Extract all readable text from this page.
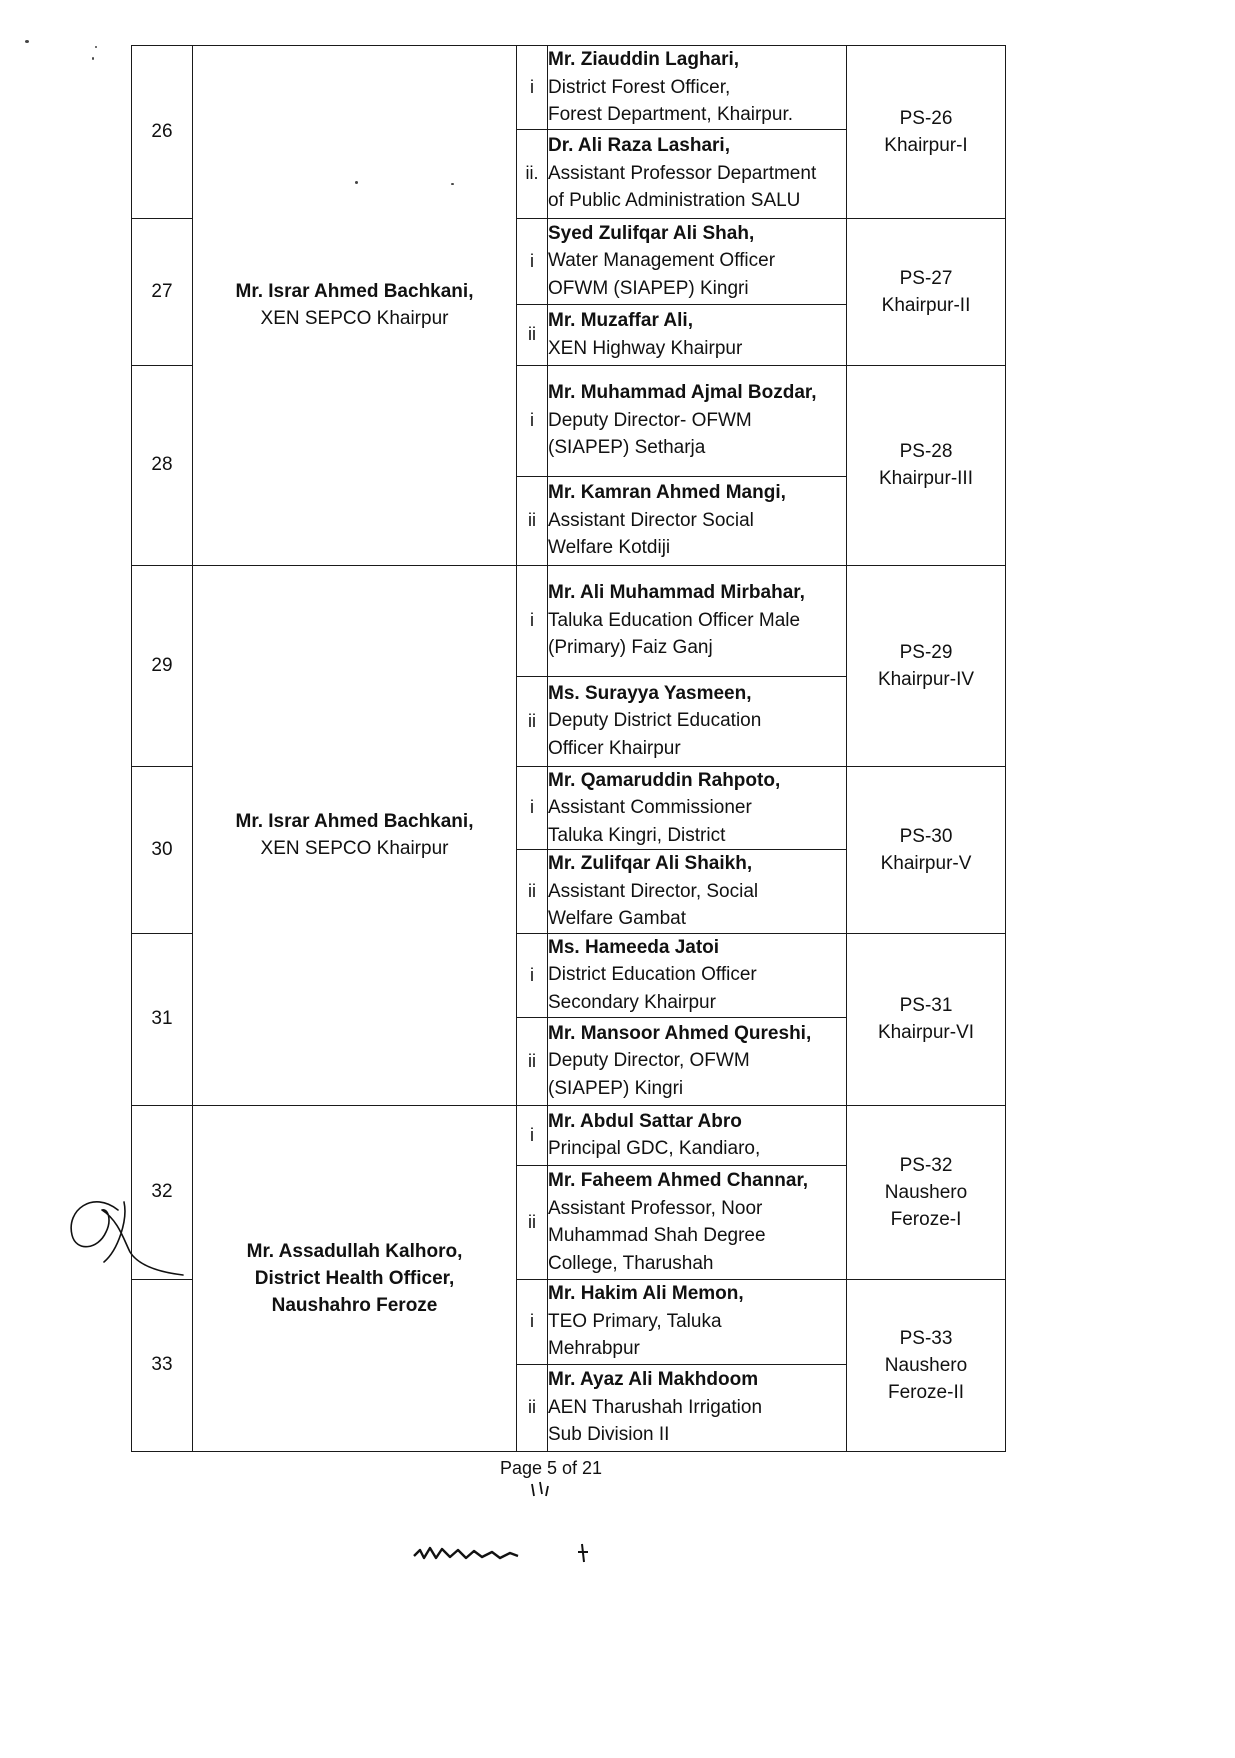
26	Mr. Israr Ahmed Bachkani,
XEN SEPCO Khairpur	i	Mr. Ziauddin Laghari,
District Forest Officer,
Forest Department, Khairpur.	PS-26
Khairpur-I

		ii.	Dr. Ali Raza Lashari,
Assistant Professor Department
of Public Administration SALU	

27		i	Syed Zulifqar Ali Shah,
Water Management Officer
OFWM (SIAPEP) Kingri	PS-27
Khairpur-II

		ii	Mr. Muzaffar Ali,
XEN Highway Khairpur	

28		i	Mr. Muhammad Ajmal Bozdar,
Deputy Director- OFWM
(SIAPEP) Setharja	PS-28
Khairpur-III

		ii	Mr. Kamran Ahmed Mangi,
Assistant Director Social
Welfare Kotdiji	

29	Mr. Israr Ahmed Bachkani,
XEN SEPCO Khairpur	i	Mr. Ali Muhammad Mirbahar,
Taluka Education Officer Male
(Primary) Faiz Ganj	PS-29
Khairpur-IV

		ii	Ms. Surayya Yasmeen,
Deputy District Education
Officer Khairpur	

30		i	Mr. Qamaruddin Rahpoto,
Assistant Commissioner
Taluka Kingri, District	PS-30
Khairpur-V

		ii	Mr. Zulifqar Ali Shaikh,
Assistant Director, Social
Welfare Gambat	

31		i	Ms. Hameeda Jatoi
District Education Officer
Secondary Khairpur	PS-31
Khairpur-VI

		ii	Mr. Mansoor Ahmed Qureshi,
Deputy Director, OFWM
(SIAPEP) Kingri	

32	Mr. Assadullah Kalhoro,
District Health Officer,
Naushahro Feroze	i	Mr. Abdul Sattar Abro
Principal GDC, Kandiaro,	PS-32
Naushero
Feroze-I

		ii	Mr. Faheem Ahmed Channar,
Assistant Professor, Noor
Muhammad Shah Degree
College, Tharushah	

33		i	Mr. Hakim Ali Memon,
TEO Primary, Taluka
Mehrabpur	PS-33
Naushero
Feroze-II

		ii	Mr. Ayaz Ali Makhdoom
AEN Tharushah Irrigation
Sub Division II	
Page 5 of 21
